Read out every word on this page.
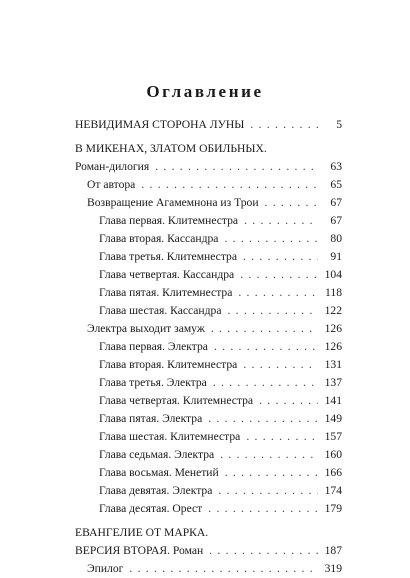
Оглавление
НЕВИДИМАЯ СТОРОНА ЛУНЫ . . .	5
В МИКЕНАХ, ЗЛАТОМ ОБИЛЬНЫХ.
Роман-дилогия . . .	63
От автора . . .	65
Возвращение Агамемнона из Трои . . .	67
Глава первая. Клитемнестра . . .	67
Глава вторая. Кассандра . . .	80
Глава третья. Клитемнестра . . .	91
Глава четвертая. Кассандра . . .	104
Глава пятая. Клитемнестра . . .	118
Глава шестая. Кассандра . . .	122
Электра выходит замуж . . .	126
Глава первая. Электра . . .	126
Глава вторая. Клитемнестра . . .	131
Глава третья. Электра . . .	137
Глава четвертая. Клитемнестра . . .	141
Глава пятая. Электра . . .	149
Глава шестая. Клитемнестра . . .	157
Глава седьмая. Электра . . .	160
Глава восьмая. Менетий . . .	166
Глава девятая. Электра . . .	174
Глава десятая. Орест . . .	179
ЕВАНГЕЛИЕ ОТ МАРКА.
ВЕРСИЯ ВТОРАЯ. Роман . . .	187
Эпилог . . .	319
